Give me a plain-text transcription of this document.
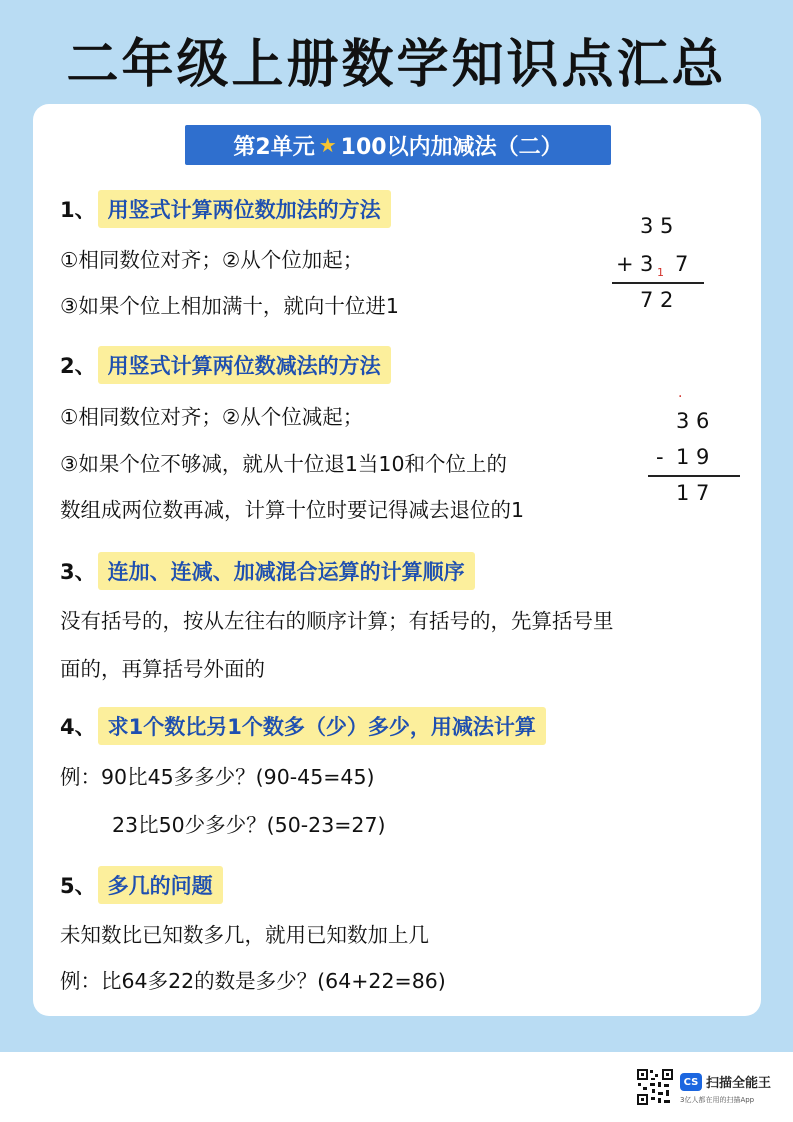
二年级上册数学知识点汇总
第2单元 ★ 100以内加减法（二）
1、 用竖式计算两位数加法的方法
①相同数位对齐；②从个位加起；
③如果个位上相加满十，就向十位进1
3 5
+ 3 1 7
7 2
2、 用竖式计算两位数减法的方法
①相同数位对齐；②从个位减起；
③如果个位不够减，就从十位退1当10和个位上的
数组成两位数再减，计算十位时要记得减去退位的1
·
3 6
- 1 9
1 7
3、 连加、连减、加减混合运算的计算顺序
没有括号的，按从左往右的顺序计算；有括号的，先算括号里
面的，再算括号外面的
4、 求1个数比另1个数多（少）多少，用减法计算
例：90比45多多少？(90-45=45)
23比50少多少？(50-23=27)
5、 多几的问题
未知数比已知数多几，就用已知数加上几
例：比64多22的数是多少？(64+22=86)
CS 扫描全能王
3亿人都在用的扫描App
